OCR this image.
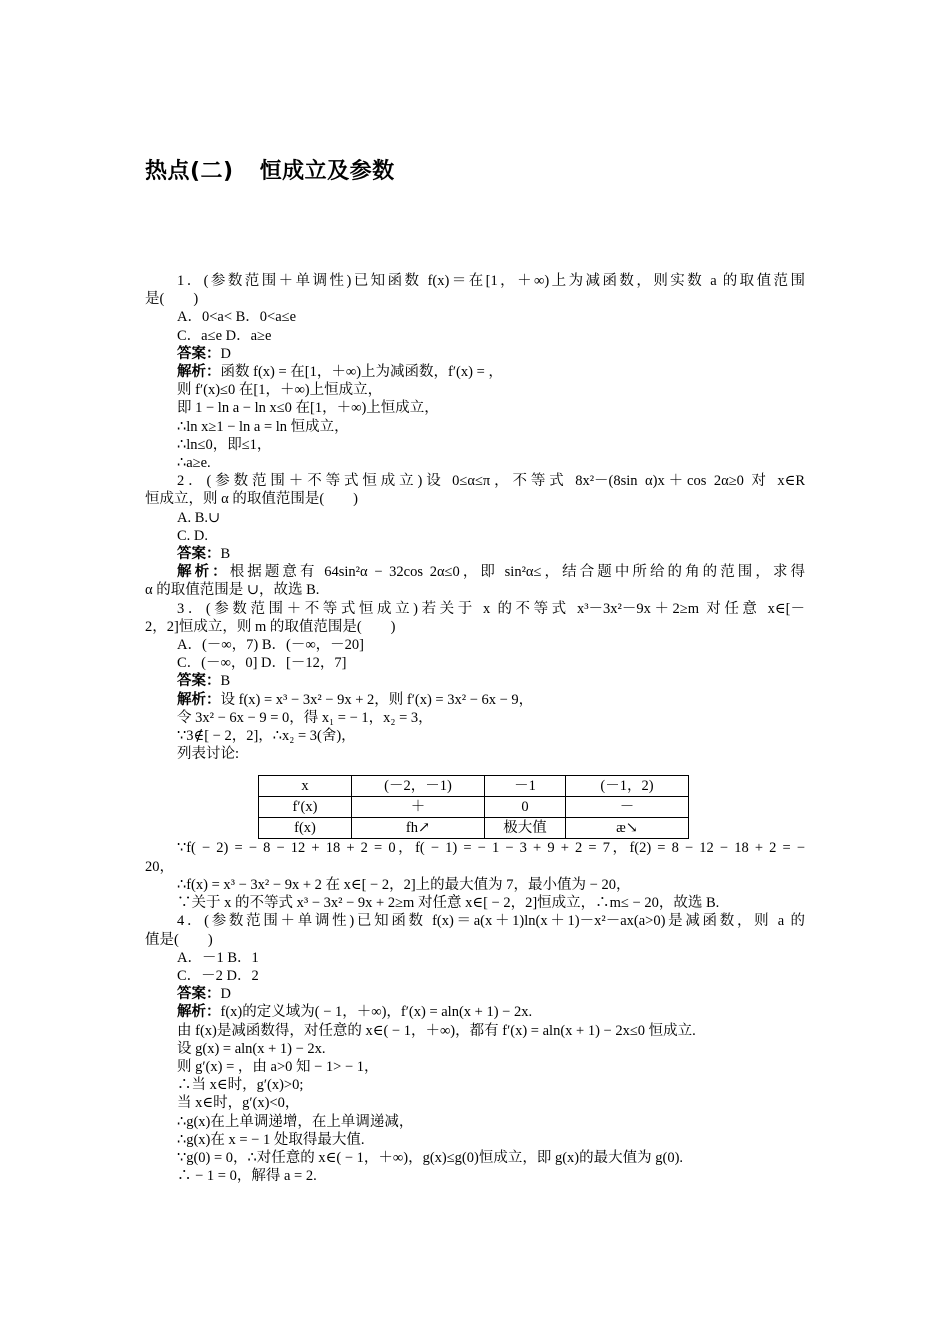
热点(二) 恒成立及参数
1．(参数范围＋单调性)已知函数 f(x)＝在[1，＋∞)上为减函数，则实数 a 的取值范围
是(　　)
A．0<a< B．0<a≤e
C．a≤e D．a≥e
答案：D
解析：函数 f(x) = 在[1，＋∞)上为减函数，f′(x) = ，
则 f′(x)≤0 在[1，＋∞)上恒成立，
即 1 − ln a − ln x≤0 在[1，＋∞)上恒成立，
∴ln x≥1 − ln a = ln 恒成立，
∴ln≤0，即≤1，
∴a≥e.
2．(参数范围＋不等式恒成立)设 0≤α≤π，不等式 8x²－(8sin α)x＋cos 2α≥0 对 x∈R
恒成立，则 α 的取值范围是(　　)
A. B.∪
C. D.
答案：B
解析：根据题意有 64sin²α − 32cos 2α≤0，即 sin²α≤，结合题中所给的角的范围，求得
α 的取值范围是 ∪，故选 B.
3．(参数范围＋不等式恒成立)若关于 x 的不等式 x³－3x²－9x＋2≥m 对任意 x∈[－
2，2]恒成立，则 m 的取值范围是(　　)
A．(－∞，7) B．(－∞，－20]
C．(－∞，0] D．[－12，7]
答案：B
解析：设 f(x) = x³ − 3x² − 9x + 2，则 f′(x) = 3x² − 6x − 9，
令 3x² − 6x − 9 = 0，得 x₁ = − 1，x₂ = 3，
∵3∉[ − 2，2]，∴x₂ = 3(舍)，
列表讨论:
x	(－2，－1)	－1	(－1，2)
f′(x)	＋	0	－
f(x)	fh↗	极大值	æ↘
∵f( − 2) = − 8 − 12 + 18 + 2 = 0，f( − 1) = − 1 − 3 + 9 + 2 = 7，f(2) = 8 − 12 − 18 + 2 = −
20，
∴f(x) = x³ − 3x² − 9x + 2 在 x∈[ − 2，2]上的最大值为 7，最小值为 − 20，
∵关于 x 的不等式 x³ − 3x² − 9x + 2≥m 对任意 x∈[ − 2，2]恒成立，∴m≤ − 20，故选 B.
4．(参数范围＋单调性)已知函数 f(x)＝a(x＋1)ln(x＋1)－x²－ax(a>0)是减函数，则 a 的
值是(　　)
A．－1 B．1
C．－2 D．2
答案：D
解析：f(x)的定义域为( − 1，＋∞)，f′(x) = aln(x + 1) − 2x.
由 f(x)是减函数得，对任意的 x∈( − 1，＋∞)，都有 f′(x) = aln(x + 1) − 2x≤0 恒成立.
设 g(x) = aln(x + 1) − 2x.
则 g′(x) = ，由 a>0 知 − 1> − 1，
∴当 x∈时，g′(x)>0;
当 x∈时，g′(x)<0，
∴g(x)在上单调递增，在上单调递减，
∴g(x)在 x = − 1 处取得最大值.
∵g(0) = 0，∴对任意的 x∈( − 1，＋∞)，g(x)≤g(0)恒成立，即 g(x)的最大值为 g(0).
∴ − 1 = 0，解得 a = 2.
